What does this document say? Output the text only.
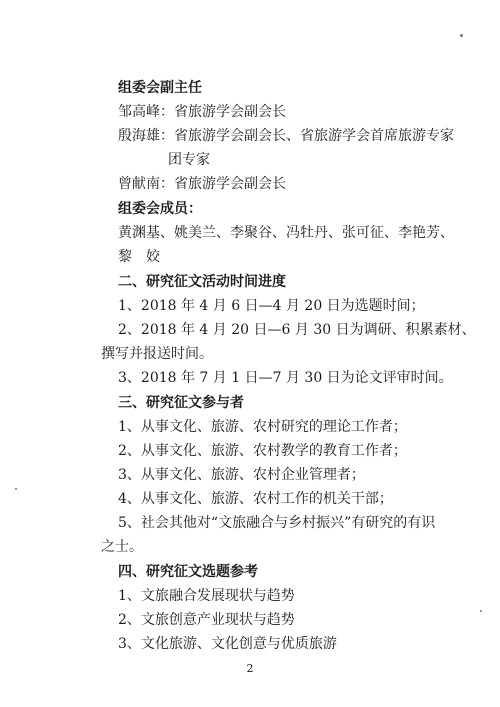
组委会副主任
邹高峰：省旅游学会副会长
殷海雄：省旅游学会副会长、省旅游学会首席旅游专家
团专家
曾献南：省旅游学会副会长
组委会成员：
黄渊基、姚美兰、李聚谷、冯牡丹、张可征、李艳芳、
黎　姣
二、研究征文活动时间进度
1、2018 年 4 月 6 日—4 月 20 日为选题时间；
2、2018 年 4 月 20 日—6 月 30 日为调研、积累素材、
撰写并报送时间。
3、2018 年 7 月 1 日—7 月 30 日为论文评审时间。
三、研究征文参与者
1、从事文化、旅游、农村研究的理论工作者；
2、从事文化、旅游、农村教学的教育工作者；
3、从事文化、旅游、农村企业管理者；
4、从事文化、旅游、农村工作的机关干部；
5、社会其他对“文旅融合与乡村振兴”有研究的有识
之士。
四、研究征文选题参考
1、文旅融合发展现状与趋势
2、文旅创意产业现状与趋势
3、文化旅游、文化创意与优质旅游
2
